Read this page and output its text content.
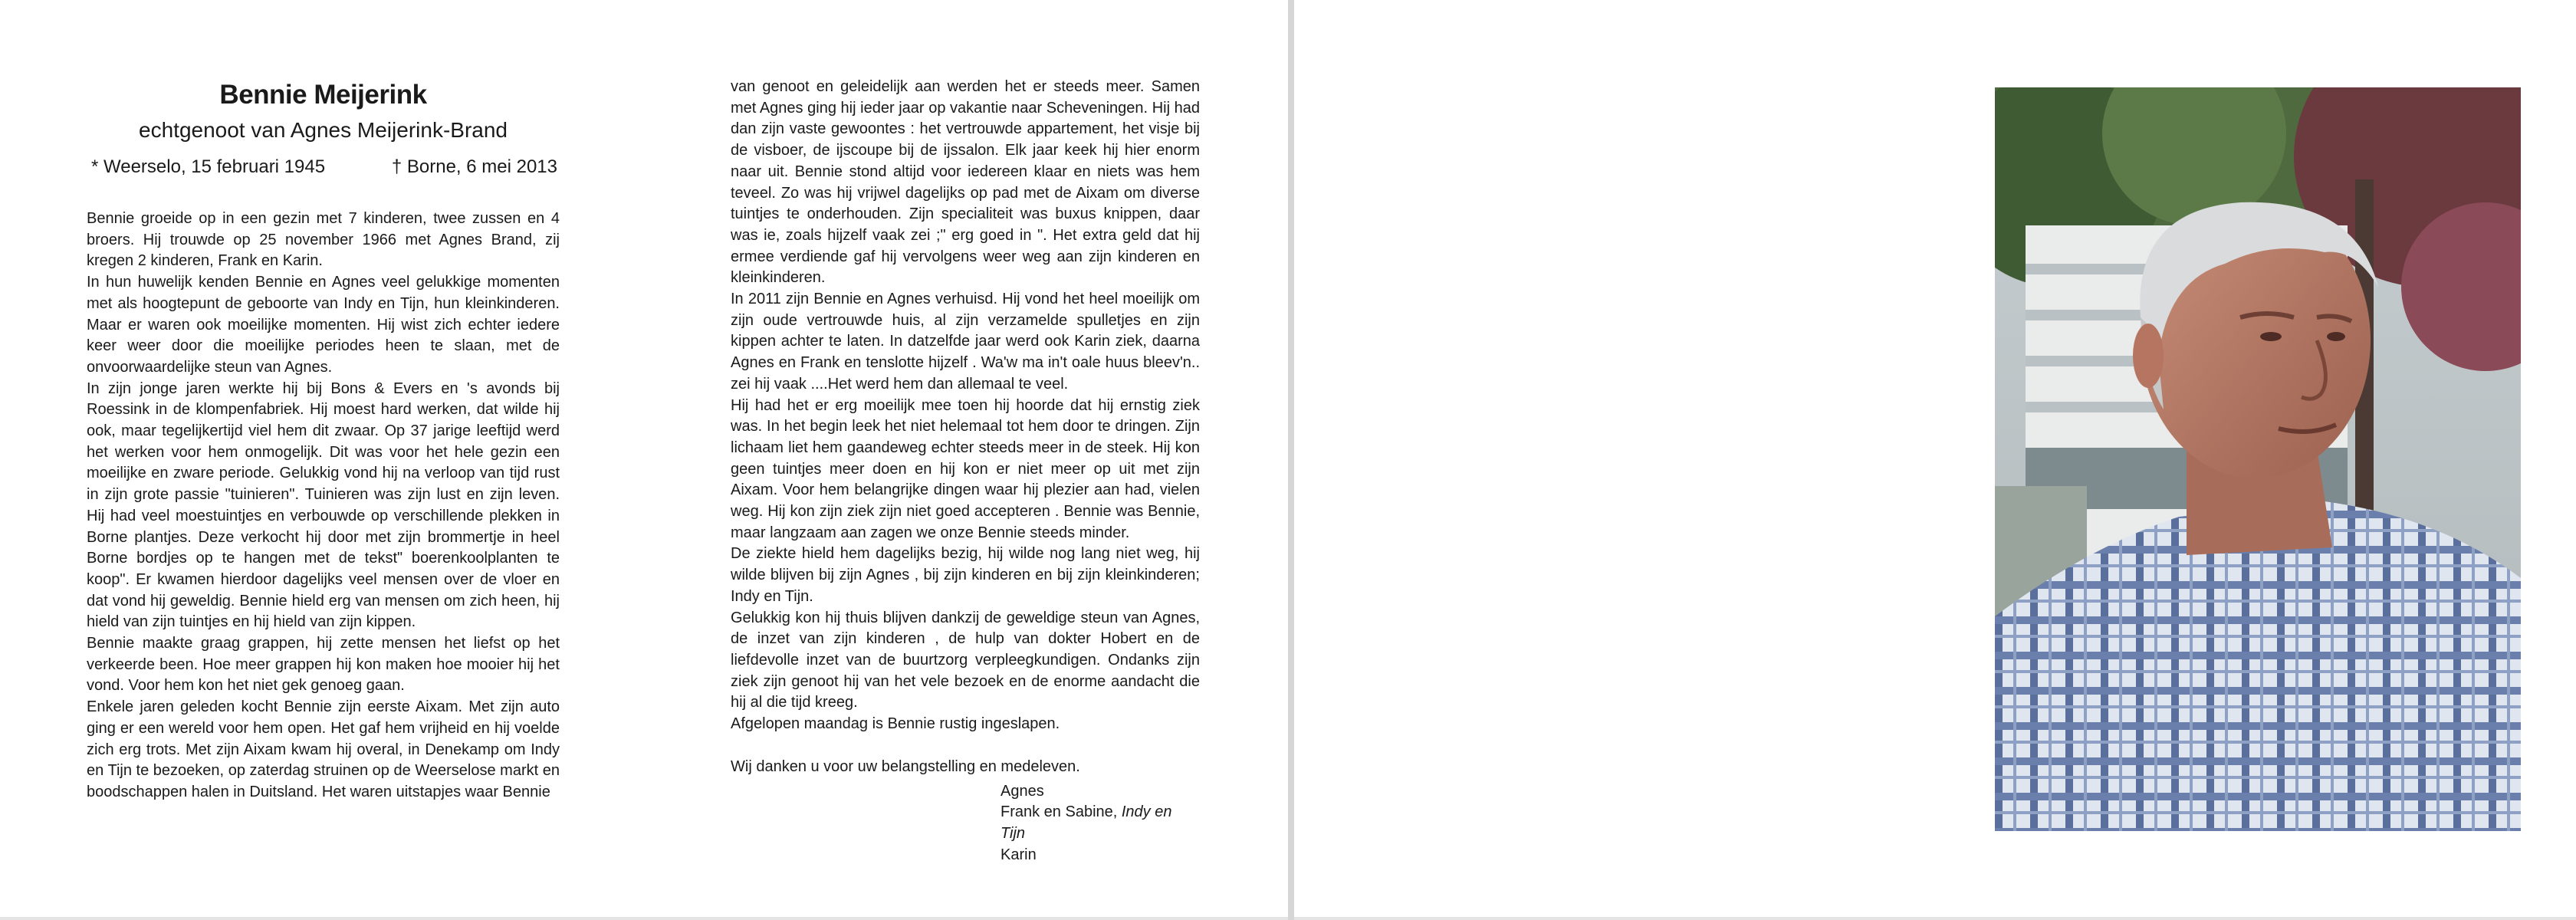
Bennie Meijerink
echtgenoot van Agnes Meijerink-Brand
* Weerselo, 15 februari 1945	† Borne, 6 mei 2013
Bennie groeide op in een gezin met 7 kinderen, twee zussen en 4 broers. Hij trouwde op 25 november 1966 met Agnes Brand, zij kregen 2 kinderen, Frank en Karin.
In hun huwelijk kenden Bennie en Agnes veel gelukkige momenten met als hoogtepunt de geboorte van Indy en Tijn, hun kleinkinderen. Maar er waren ook moeilijke momenten. Hij wist zich echter iedere keer weer door die moeilijke periodes heen te slaan, met de onvoorwaardelijke steun van Agnes.
In zijn jonge jaren werkte hij bij Bons & Evers en 's avonds bij Roessink in de klompenfabriek. Hij moest hard werken, dat wilde hij ook, maar tegelijkertijd viel hem dit zwaar. Op 37 jarige leeftijd werd het werken voor hem onmogelijk. Dit was voor het hele gezin een moeilijke en zware periode. Gelukkig vond hij na verloop van tijd rust in zijn grote passie "tuinieren". Tuinieren was zijn lust en zijn leven. Hij had veel moestuintjes en verbouwde op verschillende plekken in Borne plantjes. Deze verkocht hij door met zijn brommertje in heel Borne bordjes op te hangen met de tekst" boerenkoolplanten te koop". Er kwamen hierdoor dagelijks veel mensen over de vloer en dat vond hij geweldig. Bennie hield erg van mensen om zich heen, hij hield van zijn tuintjes en hij hield van zijn kippen.
Bennie maakte graag grappen, hij zette mensen het liefst op het verkeerde been. Hoe meer grappen hij kon maken hoe mooier hij het vond. Voor hem kon het niet gek genoeg gaan.
Enkele jaren geleden kocht Bennie zijn eerste Aixam. Met zijn auto ging er een wereld voor hem open. Het gaf hem vrijheid en hij voelde zich erg trots. Met zijn Aixam kwam hij overal, in Denekamp om Indy en Tijn te bezoeken, op zaterdag struinen op de Weerselose markt en boodschappen halen in Duitsland. Het waren uitstapjes waar Bennie
van genoot en geleidelijk aan werden het er steeds meer. Samen met Agnes ging hij ieder jaar op vakantie naar Scheveningen. Hij had dan zijn vaste gewoontes : het vertrouwde appartement, het visje bij de visboer, de ijscoupe bij de ijssalon. Elk jaar keek hij hier enorm naar uit. Bennie stond altijd voor iedereen klaar en niets was hem teveel. Zo was hij vrijwel dagelijks op pad met de Aixam om diverse tuintjes te onderhouden. Zijn specialiteit was buxus knippen, daar was ie, zoals hijzelf vaak zei ;" erg goed in ". Het extra geld dat hij ermee verdiende gaf hij vervolgens weer weg aan zijn kinderen en kleinkinderen.
In 2011 zijn Bennie en Agnes verhuisd. Hij vond het heel moeilijk om zijn oude vertrouwde huis, al zijn verzamelde spulletjes en zijn kippen achter te laten. In datzelfde jaar werd ook Karin ziek, daarna Agnes en Frank en tenslotte hijzelf . Wa'w ma in't oale huus bleev'n.. zei hij vaak ....Het werd hem dan allemaal te veel.
Hij had het er erg moeilijk mee toen hij hoorde dat hij ernstig ziek was. In het begin leek het niet helemaal tot hem door te dringen. Zijn lichaam liet hem gaandeweg echter steeds meer in de steek. Hij kon geen tuintjes meer doen en hij kon er niet meer op uit met zijn Aixam. Voor hem belangrijke dingen waar hij plezier aan had, vielen weg. Hij kon zijn ziek zijn niet goed accepteren . Bennie was Bennie, maar langzaam aan zagen we onze Bennie steeds minder.
De ziekte hield hem dagelijks bezig, hij wilde nog lang niet weg, hij wilde blijven bij zijn Agnes , bij zijn kinderen en bij zijn kleinkinderen; Indy en Tijn.
Gelukkig kon hij thuis blijven dankzij de geweldige steun van Agnes, de inzet van zijn kinderen , de hulp van dokter Hobert en de liefdevolle inzet van de buurtzorg verpleegkundigen. Ondanks zijn ziek zijn genoot hij van het vele bezoek en de enorme aandacht die hij al die tijd kreeg.
Afgelopen maandag is Bennie rustig ingeslapen.
Wij danken u voor uw belangstelling en medeleven.
Agnes
Frank en Sabine, Indy en Tijn
Karin
